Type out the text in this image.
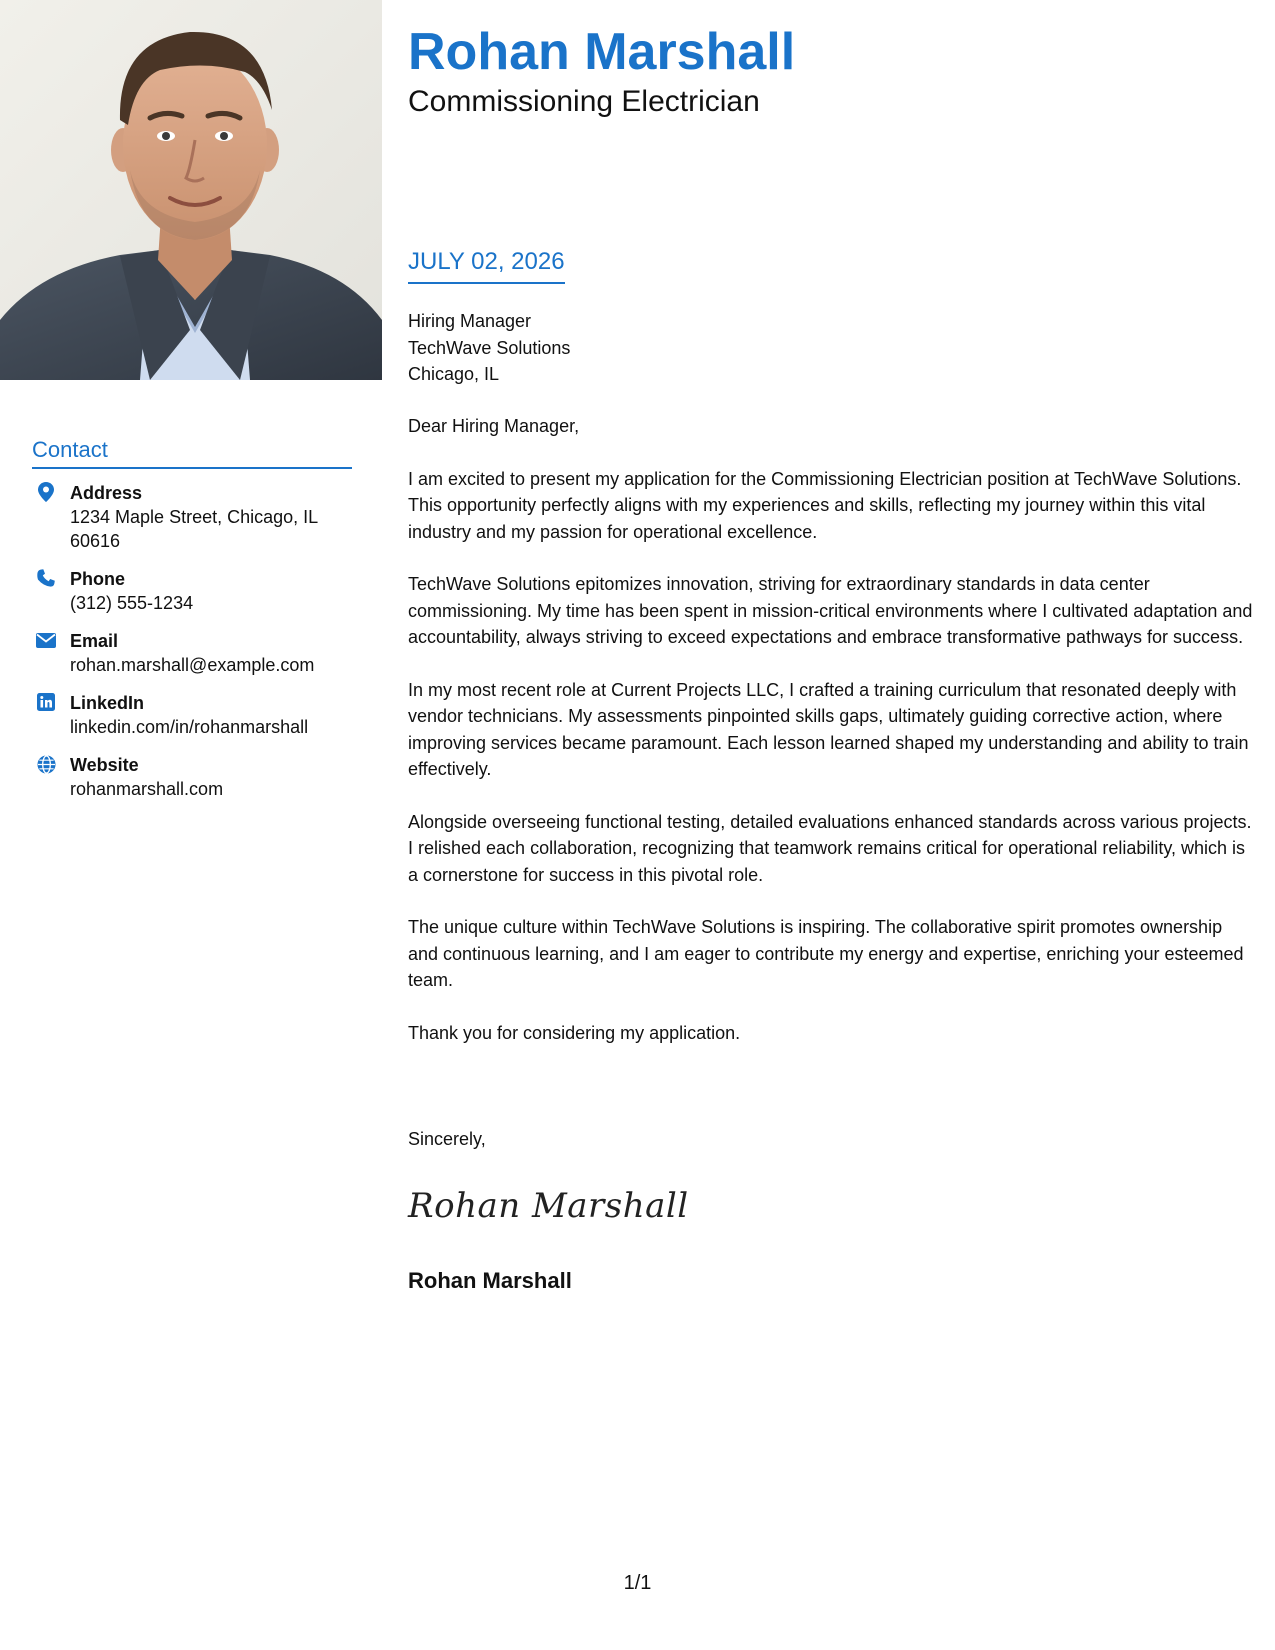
Contact
Address
1234 Maple Street, Chicago, IL 60616
Phone
(312) 555-1234
Email
rohan.marshall@example.com
LinkedIn
linkedin.com/in/rohanmarshall
Website
rohanmarshall.com
Rohan Marshall
Commissioning Electrician
JULY 02, 2026
Hiring Manager
TechWave Solutions
Chicago, IL

Dear Hiring Manager,

I am excited to present my application for the Commissioning Electrician position at TechWave Solutions. This opportunity perfectly aligns with my experiences and skills, reflecting my journey within this vital industry and my passion for operational excellence.

TechWave Solutions epitomizes innovation, striving for extraordinary standards in data center commissioning. My time has been spent in mission-critical environments where I cultivated adaptation and accountability, always striving to exceed expectations and embrace transformative pathways for success.

In my most recent role at Current Projects LLC, I crafted a training curriculum that resonated deeply with vendor technicians. My assessments pinpointed skills gaps, ultimately guiding corrective action, where improving services became paramount. Each lesson learned shaped my understanding and ability to train effectively.

Alongside overseeing functional testing, detailed evaluations enhanced standards across various projects. I relished each collaboration, recognizing that teamwork remains critical for operational reliability, which is a cornerstone for success in this pivotal role.

The unique culture within TechWave Solutions is inspiring. The collaborative spirit promotes ownership and continuous learning, and I am eager to contribute my energy and expertise, enriching your esteemed team.

Thank you for considering my application.

Sincerely,
Rohan Marshall
Rohan Marshall
1/1
